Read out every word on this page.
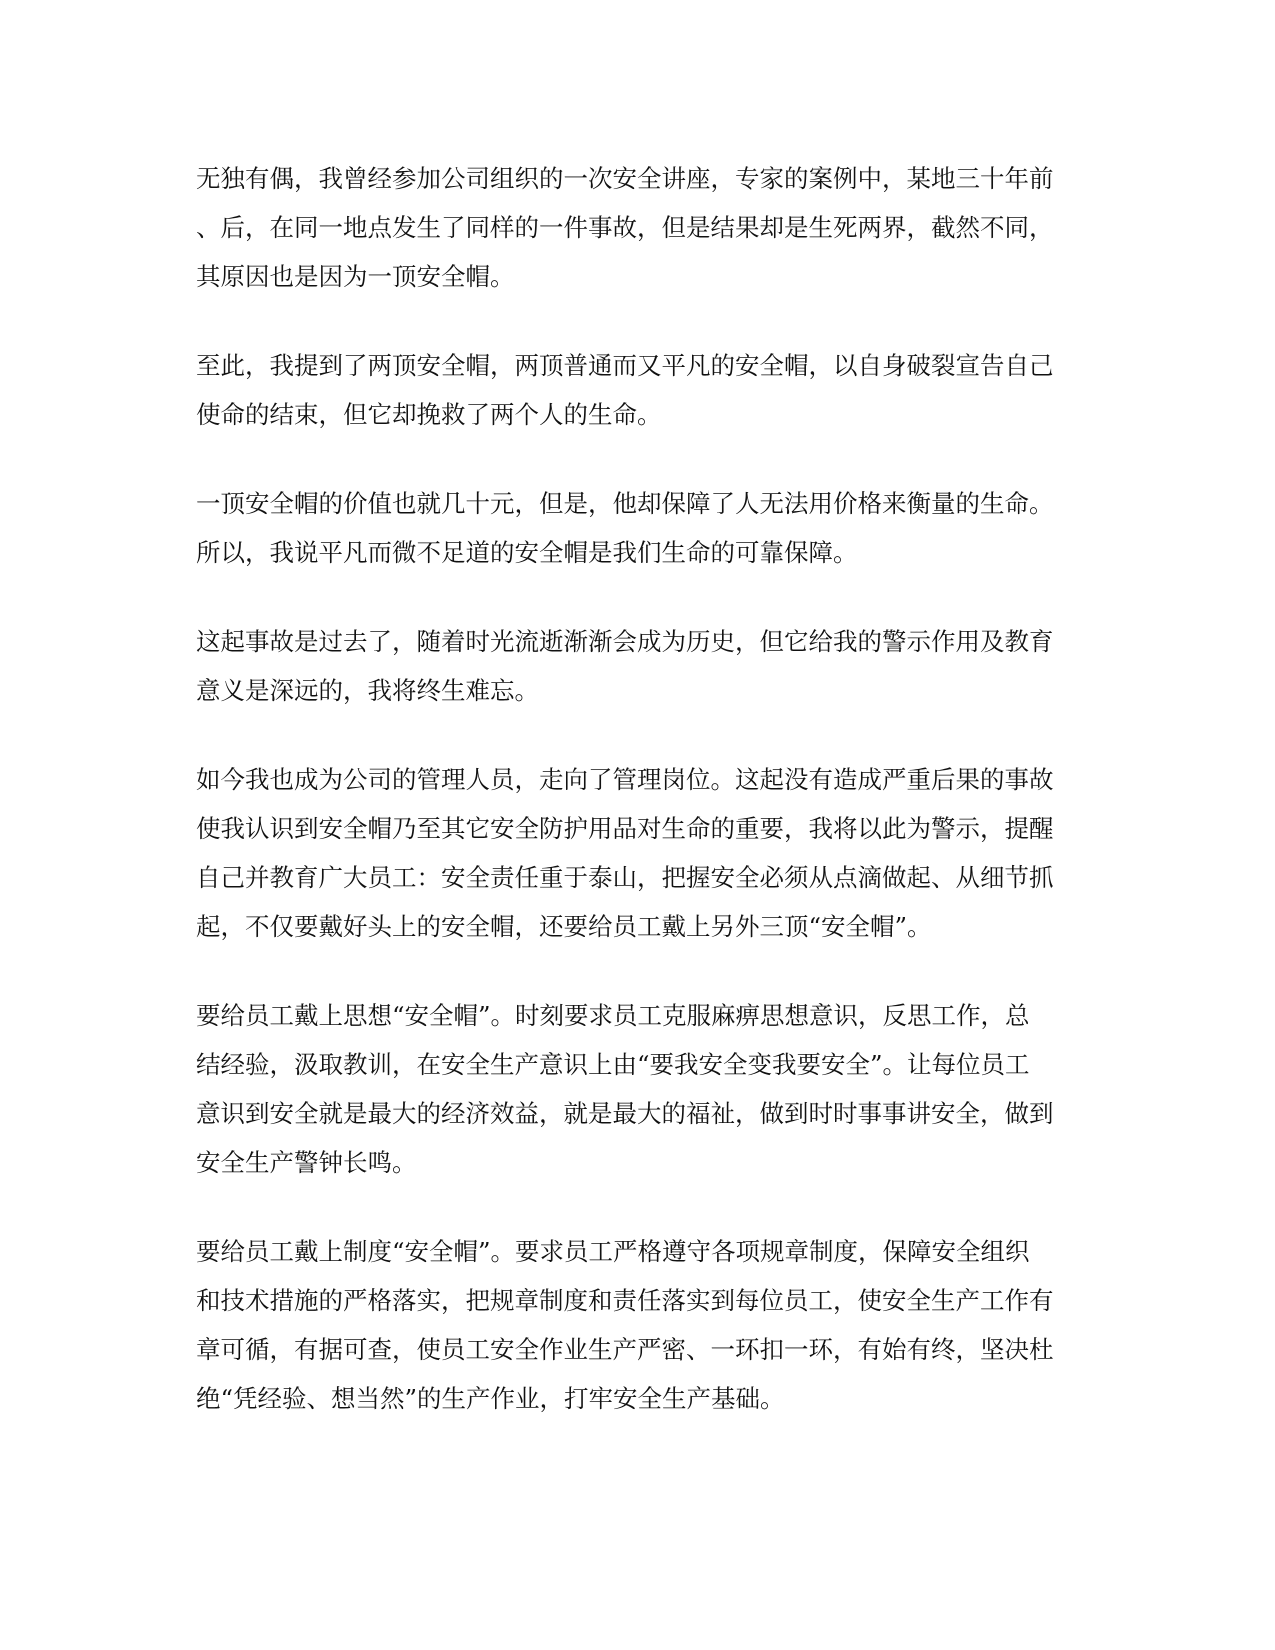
无独有偶，我曾经参加公司组织的一次安全讲座，专家的案例中，某地三十年前
、后，在同一地点发生了同样的一件事故，但是结果却是生死两界，截然不同，
其原因也是因为一顶安全帽。

至此，我提到了两顶安全帽，两顶普通而又平凡的安全帽，以自身破裂宣告自己
使命的结束，但它却挽救了两个人的生命。

一顶安全帽的价值也就几十元，但是，他却保障了人无法用价格来衡量的生命。
所以，我说平凡而微不足道的安全帽是我们生命的可靠保障。

这起事故是过去了，随着时光流逝渐渐会成为历史，但它给我的警示作用及教育
意义是深远的，我将终生难忘。

如今我也成为公司的管理人员，走向了管理岗位。这起没有造成严重后果的事故
使我认识到安全帽乃至其它安全防护用品对生命的重要，我将以此为警示，提醒
自己并教育广大员工：安全责任重于泰山，把握安全必须从点滴做起、从细节抓
起，不仅要戴好头上的安全帽，还要给员工戴上另外三顶“安全帽”。

要给员工戴上思想“安全帽”。时刻要求员工克服麻痹思想意识，反思工作，总
结经验，汲取教训，在安全生产意识上由“要我安全变我要安全”。让每位员工
意识到安全就是最大的经济效益，就是最大的福祉，做到时时事事讲安全，做到
安全生产警钟长鸣。

要给员工戴上制度“安全帽”。要求员工严格遵守各项规章制度，保障安全组织
和技术措施的严格落实，把规章制度和责任落实到每位员工，使安全生产工作有
章可循，有据可查，使员工安全作业生产严密、一环扣一环，有始有终，坚决杜
绝“凭经验、想当然”的生产作业，打牢安全生产基础。
